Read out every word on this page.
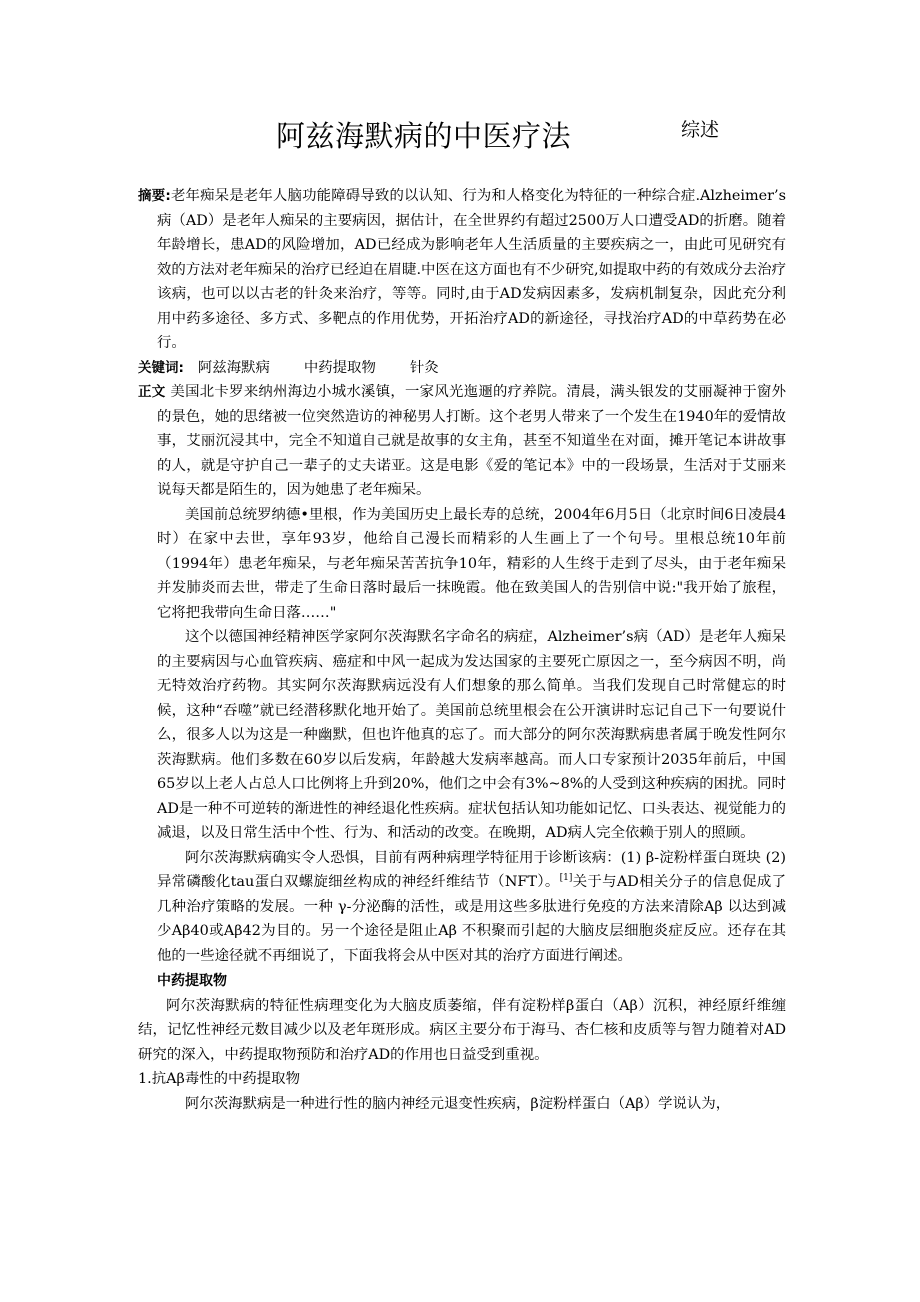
阿兹海默病的中医疗法	综述

摘要:老年痴呆是老年人脑功能障碍导致的以认知、行为和人格变化为特征的一种综合症.Alzheimer’s病（AD）是老年人痴呆的主要病因，据估计，在全世界约有超过2500万人口遭受AD的折磨。随着年龄增长，患AD的风险增加，AD已经成为影响老年人生活质量的主要疾病之一，由此可见研究有效的方法对老年痴呆的治疗已经迫在眉睫.中医在这方面也有不少研究,如提取中药的有效成分去治疗该病，也可以以古老的针灸来治疗，等等。同时,由于AD发病因素多，发病机制复杂，因此充分利用中药多途径、多方式、多靶点的作用优势，开拓治疗AD的新途径，寻找治疗AD的中草药势在必行。

关键词: 阿兹海默病 中药提取物 针灸

正文 美国北卡罗来纳州海边小城水溪镇，一家风光迤逦的疗养院。清晨，满头银发的艾丽凝神于窗外的景色，她的思绪被一位突然造访的神秘男人打断。这个老男人带来了一个发生在1940年的爱情故事，艾丽沉浸其中，完全不知道自己就是故事的女主角，甚至不知道坐在对面，摊开笔记本讲故事的人，就是守护自己一辈子的丈夫诺亚。这是电影《爱的笔记本》中的一段场景，生活对于艾丽来说每天都是陌生的，因为她患了老年痴呆。

美国前总统罗纳德•里根，作为美国历史上最长寿的总统，2004年6月5日（北京时间6日凌晨4时）在家中去世，享年93岁，他给自己漫长而精彩的人生画上了一个句号。里根总统10年前（1994年）患老年痴呆，与老年痴呆苦苦抗争10年，精彩的人生终于走到了尽头，由于老年痴呆并发肺炎而去世，带走了生命日落时最后一抹晚霞。他在致美国人的告别信中说:"我开始了旅程，它将把我带向生命日落……"

这个以德国神经精神医学家阿尔茨海默名字命名的病症，Alzheimer’s病（AD）是老年人痴呆的主要病因与心血管疾病、癌症和中风一起成为发达国家的主要死亡原因之一，至今病因不明，尚无特效治疗药物。其实阿尔茨海默病远没有人们想象的那么简单。当我们发现自己时常健忘的时候，这种“吞噬”就已经潜移默化地开始了。美国前总统里根会在公开演讲时忘记自己下一句要说什么，很多人以为这是一种幽默，但也许他真的忘了。而大部分的阿尔茨海默病患者属于晚发性阿尔茨海默病。他们多数在60岁以后发病，年龄越大发病率越高。而人口专家预计2035年前后，中国65岁以上老人占总人口比例将上升到20%，他们之中会有3%~8%的人受到这种疾病的困扰。同时AD是一种不可逆转的渐进性的神经退化性疾病。症状包括认知功能如记忆、口头表达、视觉能力的减退，以及日常生活中个性、行为、和活动的改变。在晚期，AD病人完全依赖于别人的照顾。

阿尔茨海默病确实令人恐惧，目前有两种病理学特征用于诊断该病：(1) β-淀粉样蛋白斑块 (2)异常磷酸化tau蛋白双螺旋细丝构成的神经纤维结节（NFT）。[1]关于与AD相关分子的信息促成了几种治疗策略的发展。一种 γ-分泌酶的活性，或是用这些多肽进行免疫的方法来清除Aβ 以达到减少Aβ40或Aβ42为目的。另一个途径是阻止Aβ 不积聚而引起的大脑皮层细胞炎症反应。还存在其他的一些途径就不再细说了，下面我将会从中医对其的治疗方面进行阐述。

中药提取物

阿尔茨海默病的特征性病理变化为大脑皮质萎缩，伴有淀粉样β蛋白（Aβ）沉积，神经原纤维缠结，记忆性神经元数目减少以及老年斑形成。病区主要分布于海马、杏仁核和皮质等与智力随着对AD研究的深入，中药提取物预防和治疗AD的作用也日益受到重视。

1.抗Aβ毒性的中药提取物

阿尔茨海默病是一种进行性的脑内神经元退变性疾病，β淀粉样蛋白（Aβ）学说认为，
